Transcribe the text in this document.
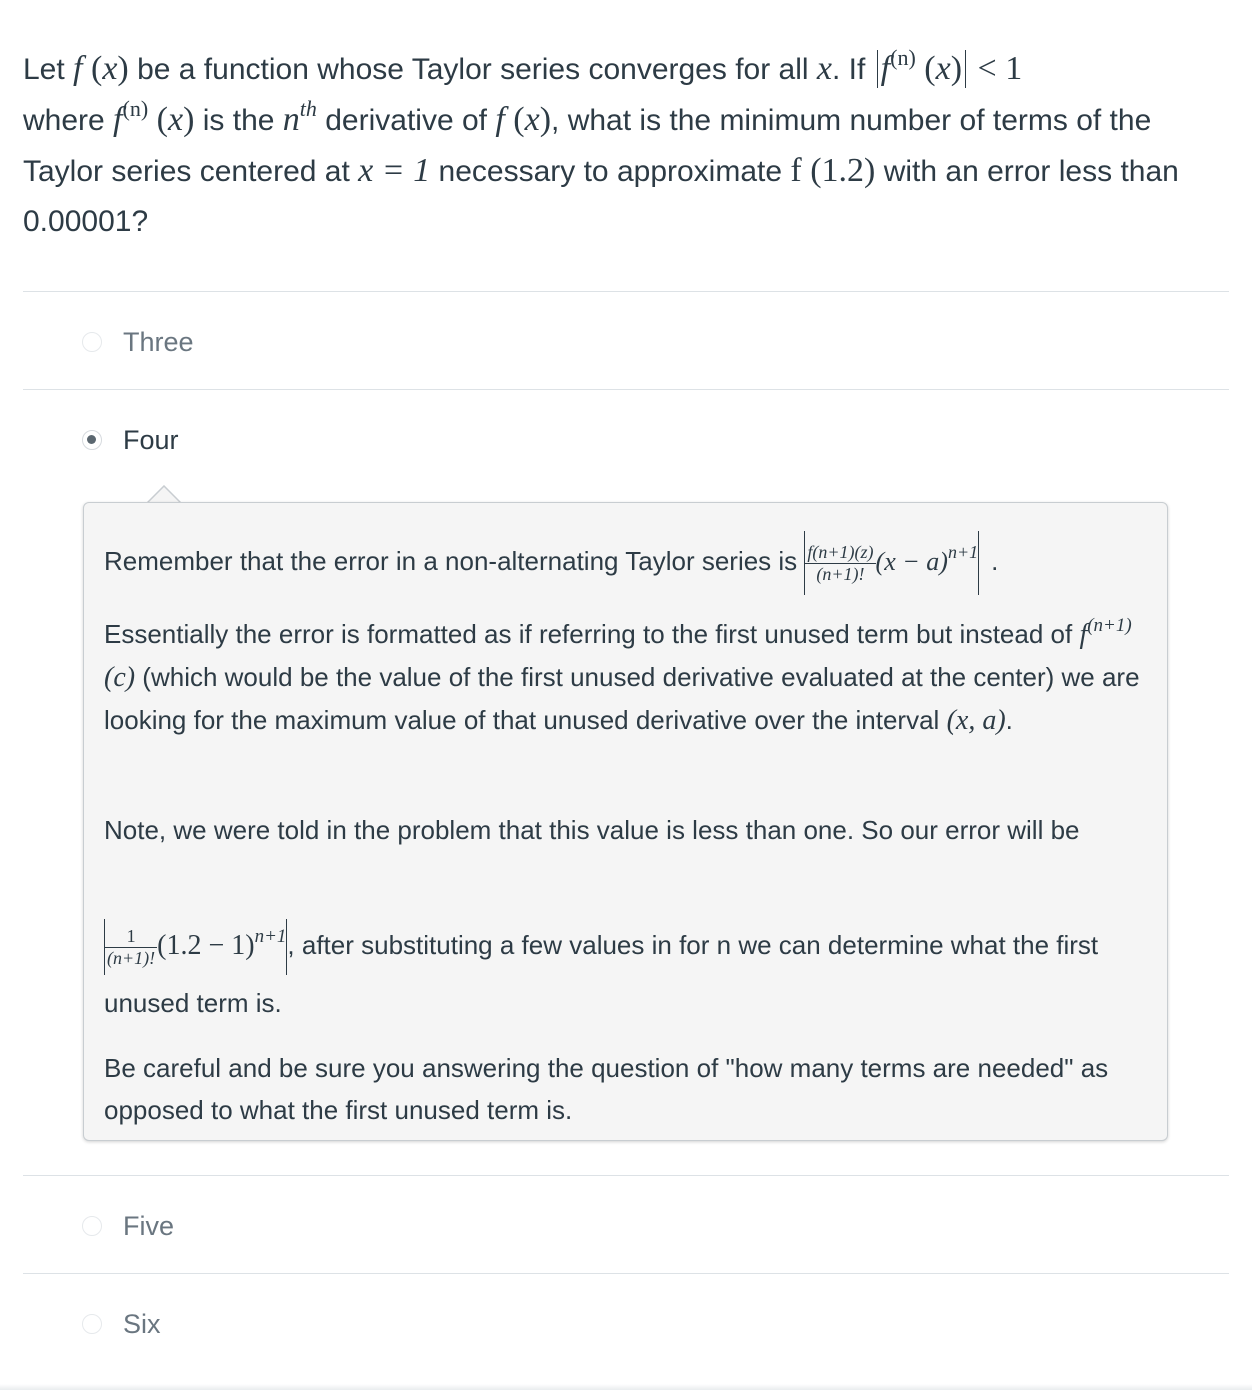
Let f (x) be a function whose Taylor series converges for all x. If $f^{(n)}$ (x) < 1
where $f^{(n)}$ (x) is the $n^{th}$ derivative of f (x), what is the minimum number of terms of the Taylor series centered at x = 1 necessary to approximate f (1.2) with an error less than 0.00001?
Three
Four
Five
Six
Remember that the error in a non-alternating Taylor series is $\frac{f(n+1)(z)}{(n+1)!} (x - a)^{n+1}$ .
Essentially the error is formatted as if referring to the first unused term but instead of $f^{(n+1)}$ (c) (which would be the value of the first unused derivative evaluated at the center) we are looking for the maximum value of that unused derivative over the interval (x, a).
Note, we were told in the problem that this value is less than one. So our error will be
$\frac{1}{(n+1)!} (1.2 - 1)^{n+1}$, after substituting a few values in for n we can determine what the first unused term is.
Be careful and be sure you answering the question of "how many terms are needed" as opposed to what the first unused term is.
